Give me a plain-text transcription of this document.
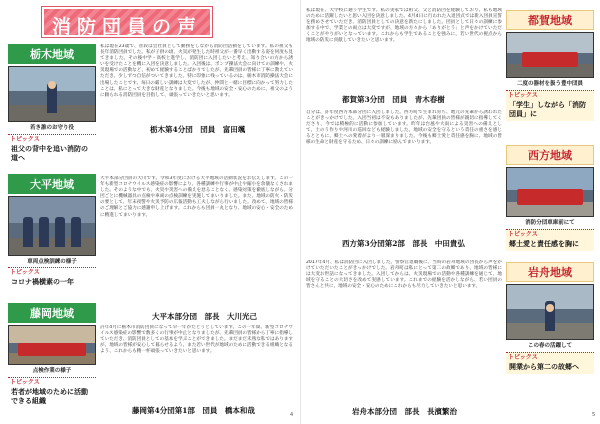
消防団員の声
栃木地域
若き誰のお守り役
トピックス
祖父の背中を追い消防の道へ
私は現在23歳で、普段は会社員として勤務をしながら消防団活動をしています。私の祖父も長年消防団員でした。私が子供の頃、火災が発生した時祖父が一番早く出動する姿を何度も見てきました。その後中学・高校と進学し、消防団に入団したいと考え、知り合いの方から誘いを受けたことを機に入団を決意しました。入団後は、ポンプ操法大会に向けての訓練や、火災現場での活動など、初めて経験することばかりでしたが、先輩団員の皆様に丁寧に教えていただき、少しずつ自信がついてきました。特に印象に残っているのは、栃木市消防操法大会に出場したことです。毎日の厳しい訓練は大変でしたが、仲間と一緒に目標に向かって努力したことは、私にとって大きな財産となりました。今後も地域の安全・安心のために、祖父のように頼られる消防団員を目指して、頑張っていきたいと思います。
栃木第4分団　団員　富田颯
大平地域
車両点検訓練の様子
トピックス
コロナ禍横素の一年
大平本部分団員の大川です。令和3年度における大平地域の活動状況をお伝えします。この一年も新型コロナウイルス感染症の影響により、各種訓練や行事が中止や縮小を余儀なくされました。そのような中でも、火災や災害への備えを怠ることなく、感染対策を徹底しながら、分団ごとに機械器具の点検や車両の点検訓練を実施してまいりました。また、地域の防火・防災の要として、年末夜警や火災予防の広報活動も工夫しながら行いました。改めて、地域の皆様のご理解とご協力に感謝申し上げます。これからも団員一丸となり、地域の安心・安全のために精進してまいります。
大平本部分団　部長　大川光己
藤岡地域
点検作業の様子
トピックス
若者が地域のために活動できる組織
許年4月に栃木市消防団員になって早一年がたとうとしています。この一年間、新型コロナウイルス感染症の影響で数多くの行事が中止となりましたが、先輩団員の皆様から丁寧に指導していただき、消防団員としての基本を学ぶことができました。まだまだ未熟な私ではありますが、地域の皆様が安心して暮らせるよう、また若い世代が地域のために活動できる組織となるよう、これからも精一杯頑張っていきたいと思います。
藤岡第4分団第1部　団員　橋本和哉	4
私は現在、大学校に通う学生です。私の実家では祖父、父と消防団を経験しており、私も地域のために活躍したいと思い入団を決意しました。4月4日に行われた入退団式では新入団員宣誓を務めさせていただき、消防団員としての決意を新たにしました。団員として日々の訓練に参加する中で、学業との両立は大変ですが、地域の方々から「ありがとう」と声をかけていただくことがやりがいとなっています。これからも学生であることを強みに、若い世代の視点から地域の防災に貢献していきたいと思います。
都賀第3分団　団員　青木春樹
自分は、許年度西方本部分団に入団しました。西方町で生まれ育ち、地元の先輩から誘われたことがきっかけでした。入団当初は不安もありましたが、先輩団員の皆様が親切に指導してくださり、今では積極的に活動に参加しています。昨年は台風や大雨による災害への備えとして、土のう作りや河川の巡回なども経験しました。地域の安全を守るという責任の重さを感じるとともに、郷土への愛着がより一層深まりました。今後も郷土愛と責任感を胸に、地域の皆様の生命と財産を守るため、日々の訓練に励んでまいります。
西方第3分団第2部　部長　中田貴弘
2017年4月、私は消防団に入団しました。警察官退職後に、当時の岩舟地域の団長から声をかけていただいたことがきっかけでした。岩舟町は私にとって第二の故郷であり、地域の皆様には大変お世話になってきました。入団してからは、火災現場での活動や各種訓練を通じて、地域を守ることの大切さを改めて実感しています。これまでの経験を活かしながら、若い団員の皆さんと共に、地域の安全・安心のためにこれからも尽力していきたいと思います。
岩舟本部分団　部長　長濱繁治
都賀地域
二度の器材を扱う豊中団員
トピックス
「学生」しながら「消防団員」に
西方地域
消防分団車庫前にて
トピックス
郷土愛と責任感を胸に
岩舟地域
この春の活躍して
トピックス
開業から第二の故郷へ
5
